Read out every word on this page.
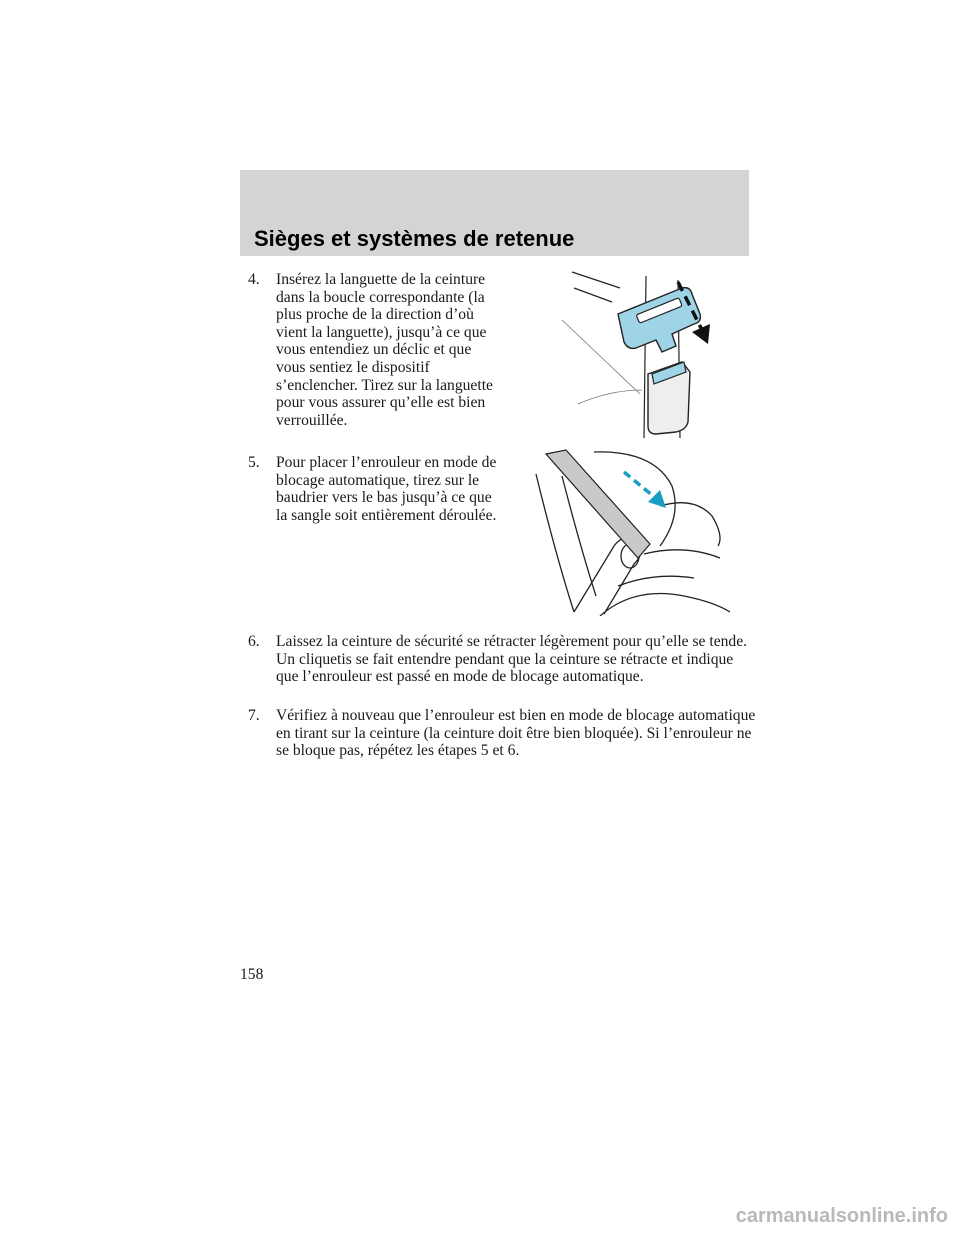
Sièges et systèmes de retenue
4.	Insérez la languette de la ceinture dans la boucle correspondante (la plus proche de la direction d’où vient la languette), jusqu’à ce que vous entendiez un déclic et que vous sentiez le dispositif s’enclencher. Tirez sur la languette pour vous assurer qu’elle est bien verrouillée.
5.	Pour placer l’enrouleur en mode de blocage automatique, tirez sur le baudrier vers le bas jusqu’à ce que la sangle soit entièrement déroulée.
6.	Laissez la ceinture de sécurité se rétracter légèrement pour qu’elle se tende. Un cliquetis se fait entendre pendant que la ceinture se rétracte et indique que l’enrouleur est passé en mode de blocage automatique.
7.	Vérifiez à nouveau que l’enrouleur est bien en mode de blocage automatique en tirant sur la ceinture (la ceinture doit être bien bloquée). Si l’enrouleur ne se bloque pas, répétez les étapes 5 et 6.
158
carmanualsonline.info
